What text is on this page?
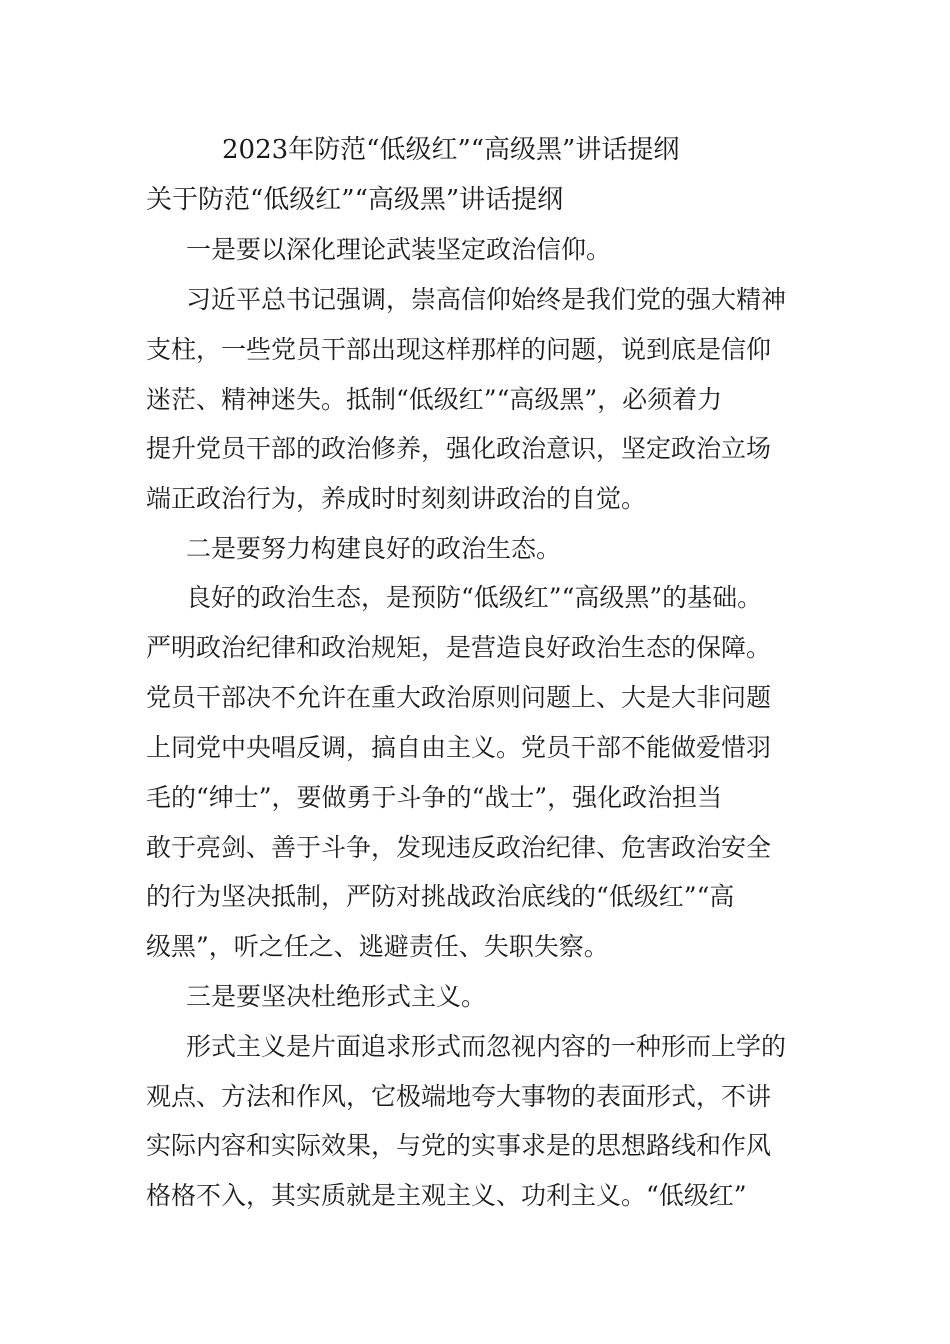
2023年防范“低级红”“高级黑”讲话提纲
关于防范“低级红”“高级黑”讲话提纲

一是要以深化理论武装坚定政治信仰。

习近平总书记强调，崇高信仰始终是我们党的强大精神

支柱，一些党员干部出现这样那样的问题，说到底是信仰

迷茫、精神迷失。抵制“低级红”“高级黑”，必须着力

提升党员干部的政治修养，强化政治意识，坚定政治立场

端正政治行为，养成时时刻刻讲政治的自觉。

二是要努力构建良好的政治生态。

良好的政治生态，是预防“低级红”“高级黑”的基础。

严明政治纪律和政治规矩，是营造良好政治生态的保障。

党员干部决不允许在重大政治原则问题上、大是大非问题

上同党中央唱反调，搞自由主义。党员干部不能做爱惜羽

毛的“绅士”，要做勇于斗争的“战士”，强化政治担当

敢于亮剑、善于斗争，发现违反政治纪律、危害政治安全

的行为坚决抵制，严防对挑战政治底线的“低级红”“高

级黑”，听之任之、逃避责任、失职失察。

三是要坚决杜绝形式主义。

形式主义是片面追求形式而忽视内容的一种形而上学的

观点、方法和作风，它极端地夸大事物的表面形式，不讲

实际内容和实际效果，与党的实事求是的思想路线和作风

格格不入，其实质就是主观主义、功利主义。“低级红”
